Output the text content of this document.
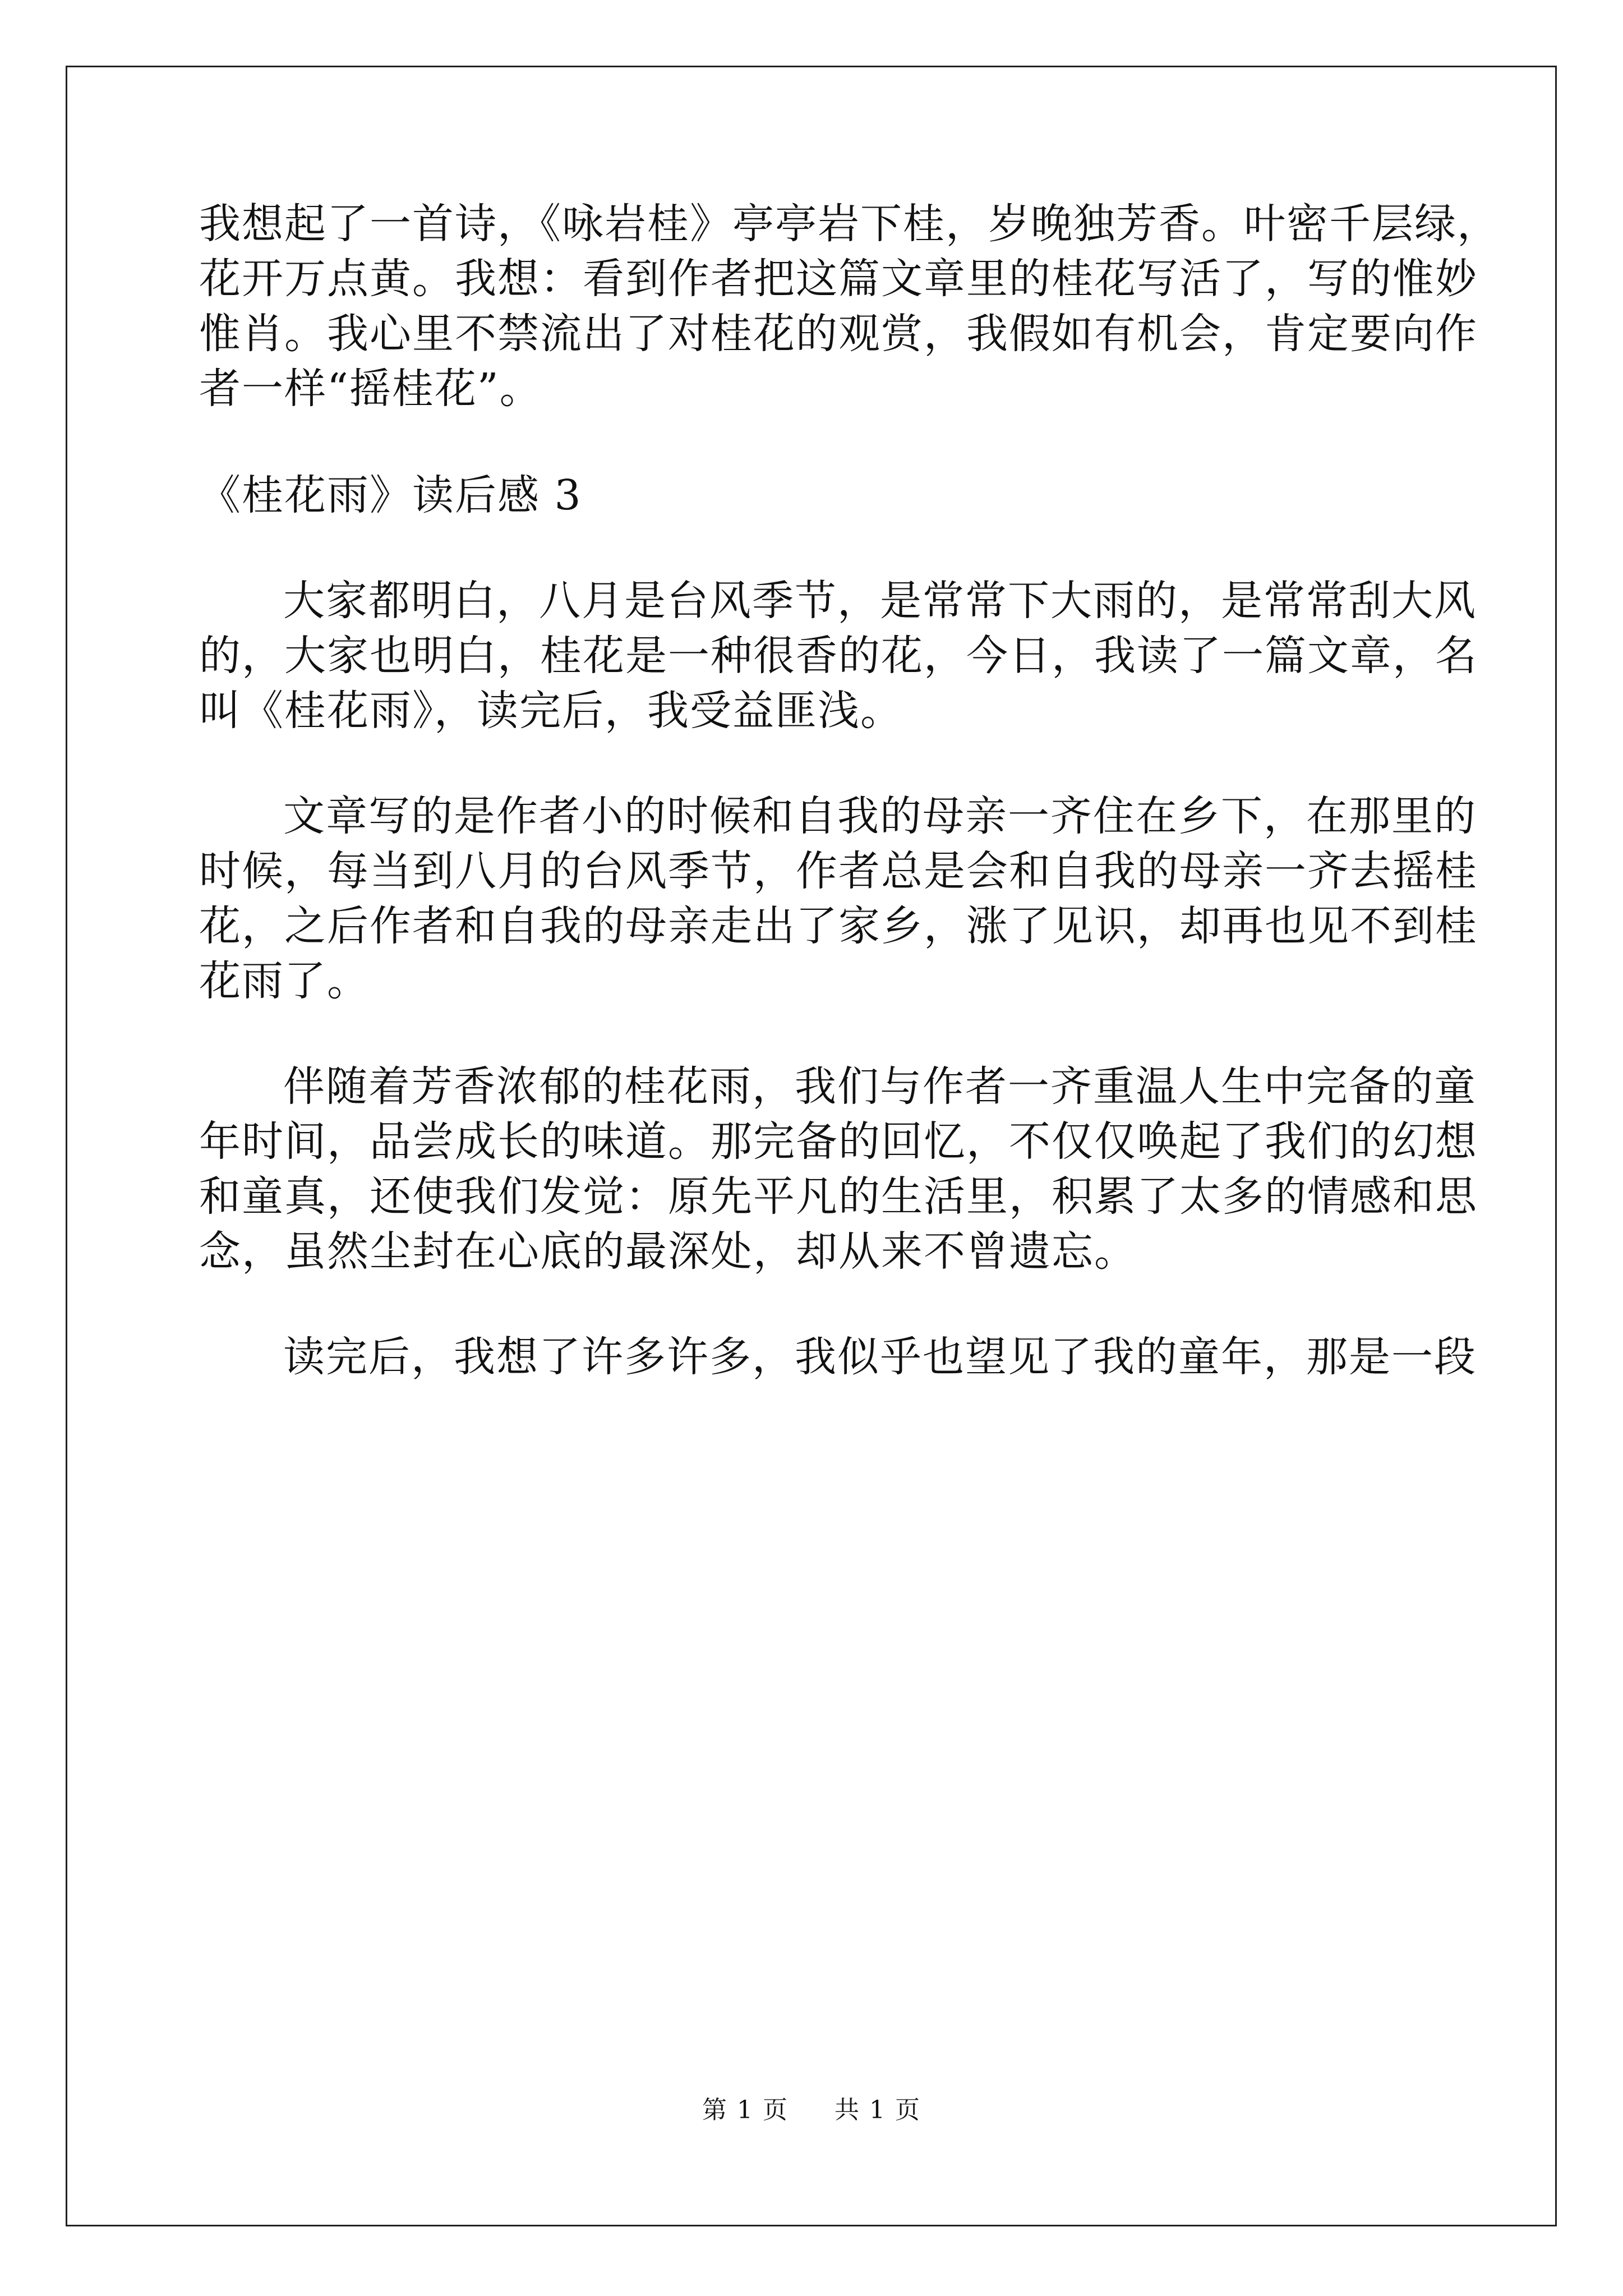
我想起了一首诗，《咏岩桂》亭亭岩下桂，岁晚独芳香。叶密千层绿，
花开万点黄。我想：看到作者把这篇文章里的桂花写活了，写的惟妙
惟肖。我心里不禁流出了对桂花的观赏，我假如有机会，肯定要向作
者一样“摇桂花”。
《桂花雨》读后感 3
大家都明白，八月是台风季节，是常常下大雨的，是常常刮大风
的，大家也明白，桂花是一种很香的花，今日，我读了一篇文章，名
叫《桂花雨》，读完后，我受益匪浅。
文章写的是作者小的时候和自我的母亲一齐住在乡下，在那里的
时候，每当到八月的台风季节，作者总是会和自我的母亲一齐去摇桂
花，之后作者和自我的母亲走出了家乡，涨了见识，却再也见不到桂
花雨了。
伴随着芳香浓郁的桂花雨，我们与作者一齐重温人生中完备的童
年时间，品尝成长的味道。那完备的回忆，不仅仅唤起了我们的幻想
和童真，还使我们发觉：原先平凡的生活里，积累了太多的情感和思
念，虽然尘封在心底的最深处，却从来不曾遗忘。
读完后，我想了许多许多，我似乎也望见了我的童年，那是一段
第 1 页 共 1 页
